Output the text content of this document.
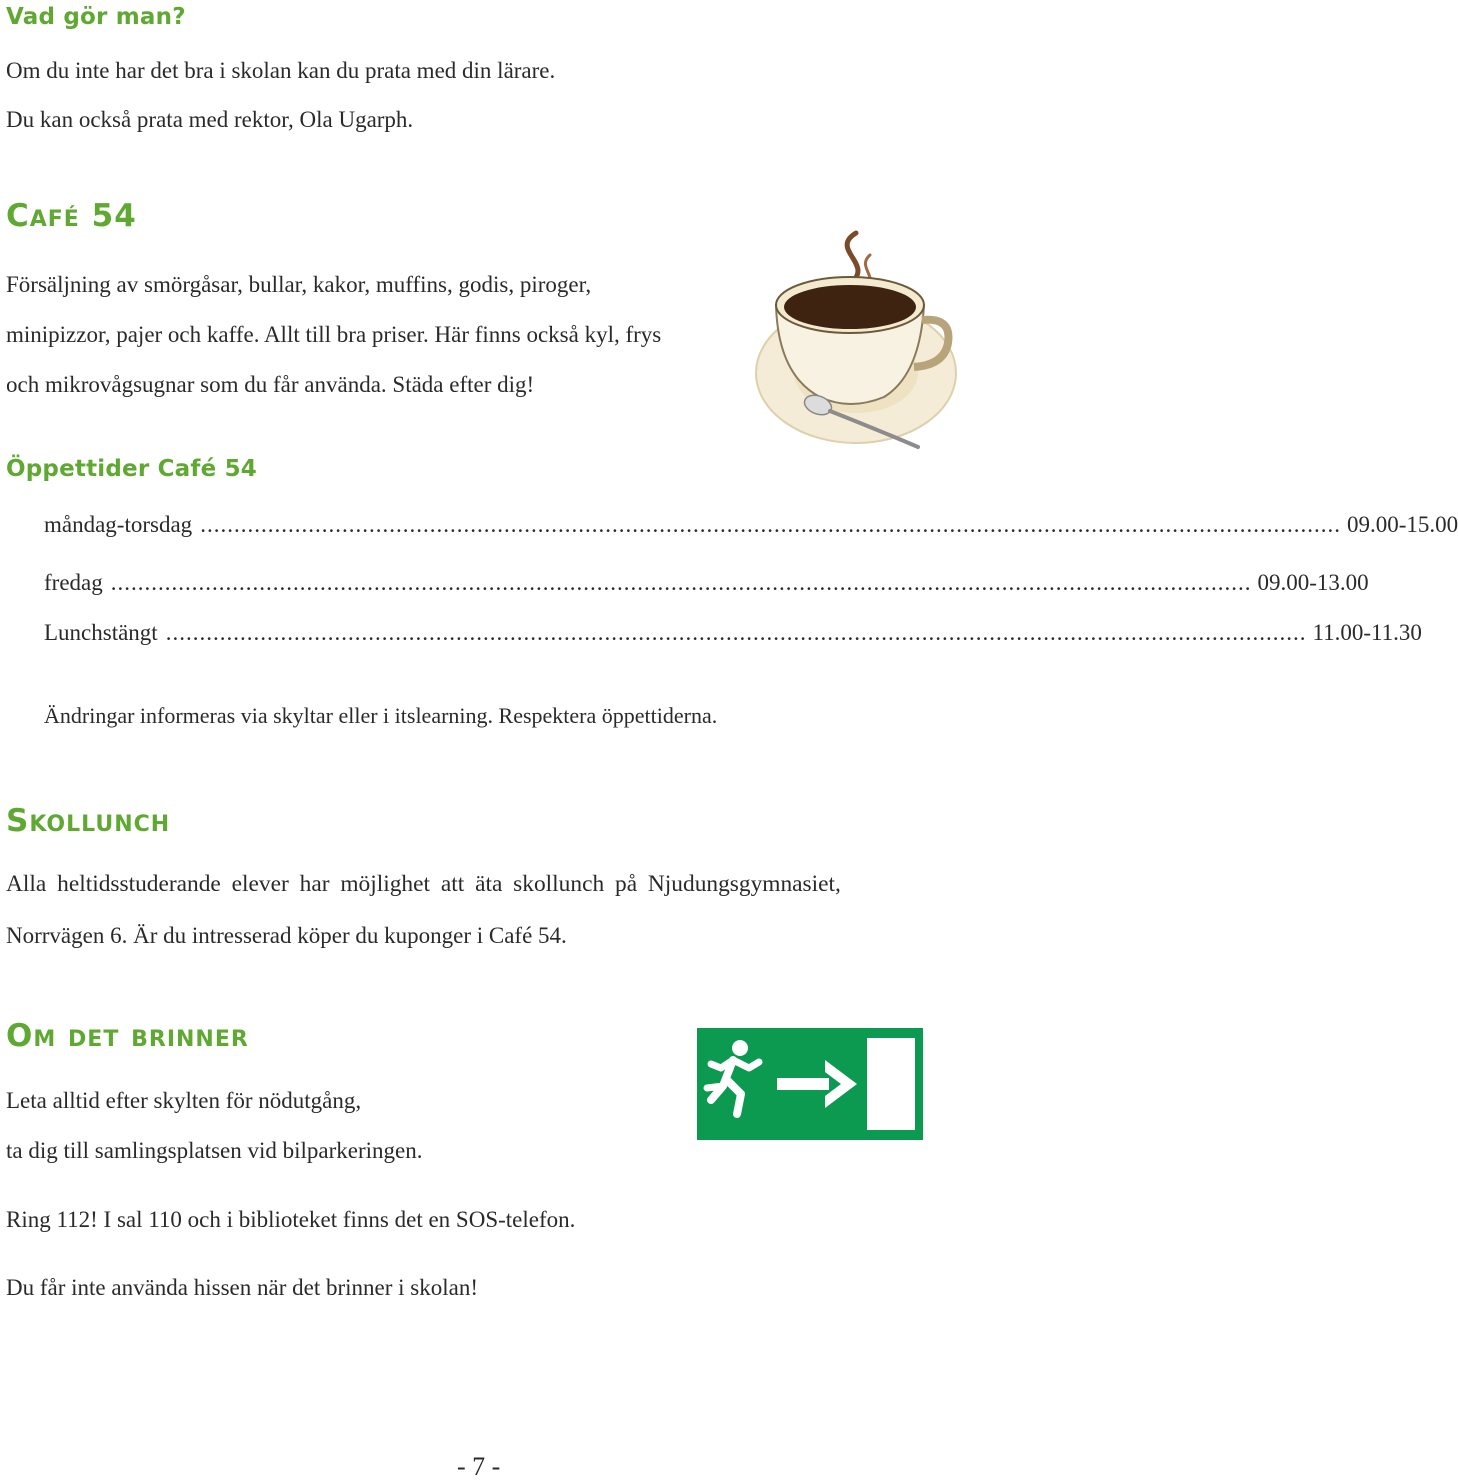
Vad gör man?
Om du inte har det bra i skolan kan du prata med din lärare.
Du kan också prata med rektor, Ola Ugarph.
Café 54
Försäljning av smörgåsar, bullar, kakor, muffins, godis, piroger,
minipizzor, pajer och kaffe. Allt till bra priser. Här finns också kyl, frys
och mikrovågsugnar som du får använda. Städa efter dig!
Öppettider Café 54
måndag-torsdag ......................................................................................................................................................................... 09.00-15.00
fredag ......................................................................................................................................................................... 09.00-13.00
Lunchstängt ......................................................................................................................................................................... 11.00-11.30
Ändringar informeras via skyltar eller i itslearning. Respektera öppettiderna.
Skollunch
Alla heltidsstuderande elever har möjlighet att äta skollunch på Njudungsgymnasiet,
Norrvägen 6. Är du intresserad köper du kuponger i Café 54.
Om det brinner
Leta alltid efter skylten för nödutgång,
ta dig till samlingsplatsen vid bilparkeringen.
Ring 112! I sal 110 och i biblioteket finns det en SOS-telefon.
Du får inte använda hissen när det brinner i skolan!
- 7 -
